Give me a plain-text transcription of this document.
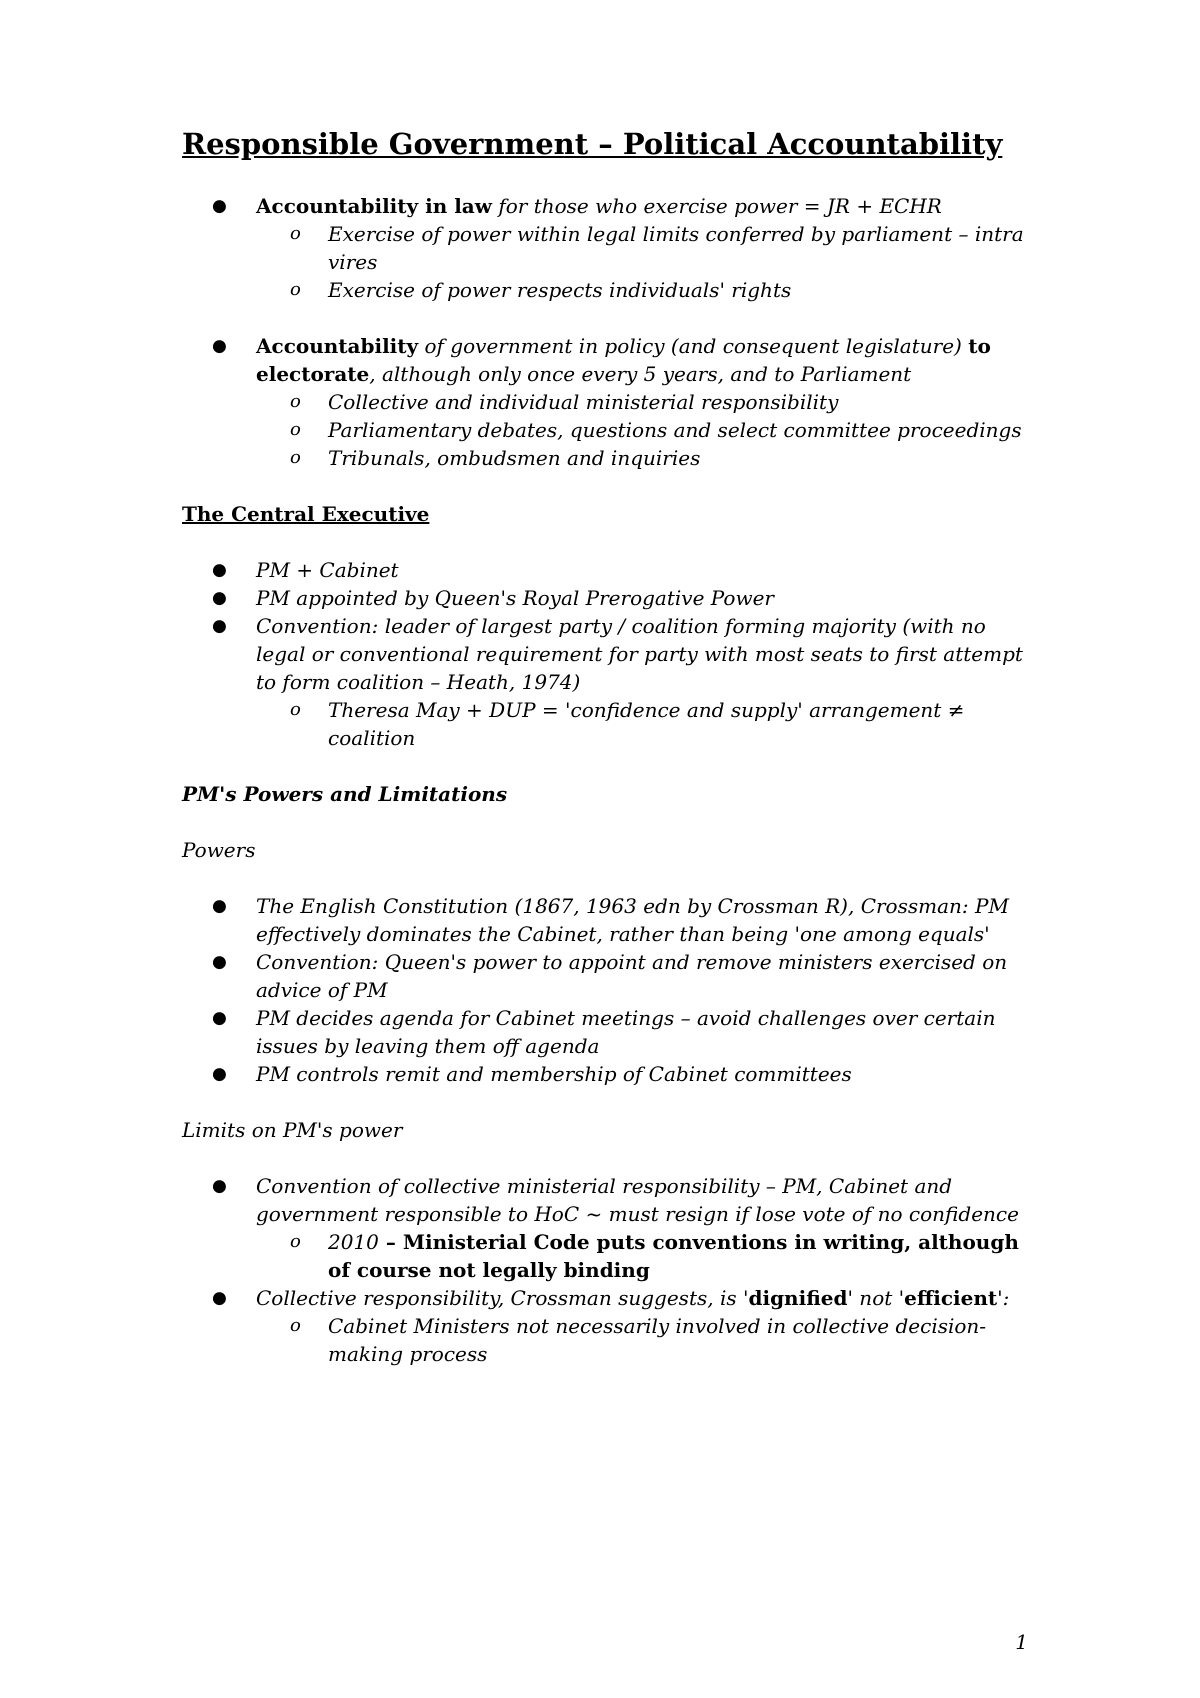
Responsible Government – Political Accountability
● Accountability in law for those who exercise power = JR + ECHR
o Exercise of power within legal limits conferred by parliament – intra vires
o Exercise of power respects individuals' rights
● Accountability of government in policy (and consequent legislature) to electorate, although only once every 5 years, and to Parliament
o Collective and individual ministerial responsibility
o Parliamentary debates, questions and select committee proceedings
o Tribunals, ombudsmen and inquiries

The Central Executive

● PM + Cabinet
● PM appointed by Queen's Royal Prerogative Power
● Convention: leader of largest party / coalition forming majority (with no legal or conventional requirement for party with most seats to first attempt to form coalition – Heath, 1974)
o Theresa May + DUP = 'confidence and supply' arrangement ≠ coalition

PM's Powers and Limitations

Powers

● The English Constitution (1867, 1963 edn by Crossman R), Crossman: PM effectively dominates the Cabinet, rather than being 'one among equals'
● Convention: Queen's power to appoint and remove ministers exercised on advice of PM
● PM decides agenda for Cabinet meetings – avoid challenges over certain issues by leaving them off agenda
● PM controls remit and membership of Cabinet committees

Limits on PM's power

● Convention of collective ministerial responsibility – PM, Cabinet and government responsible to HoC ~ must resign if lose vote of no confidence
o 2010 – Ministerial Code puts conventions in writing, although of course not legally binding
● Collective responsibility, Crossman suggests, is 'dignified' not 'efficient':
o Cabinet Ministers not necessarily involved in collective decision-making process
1
